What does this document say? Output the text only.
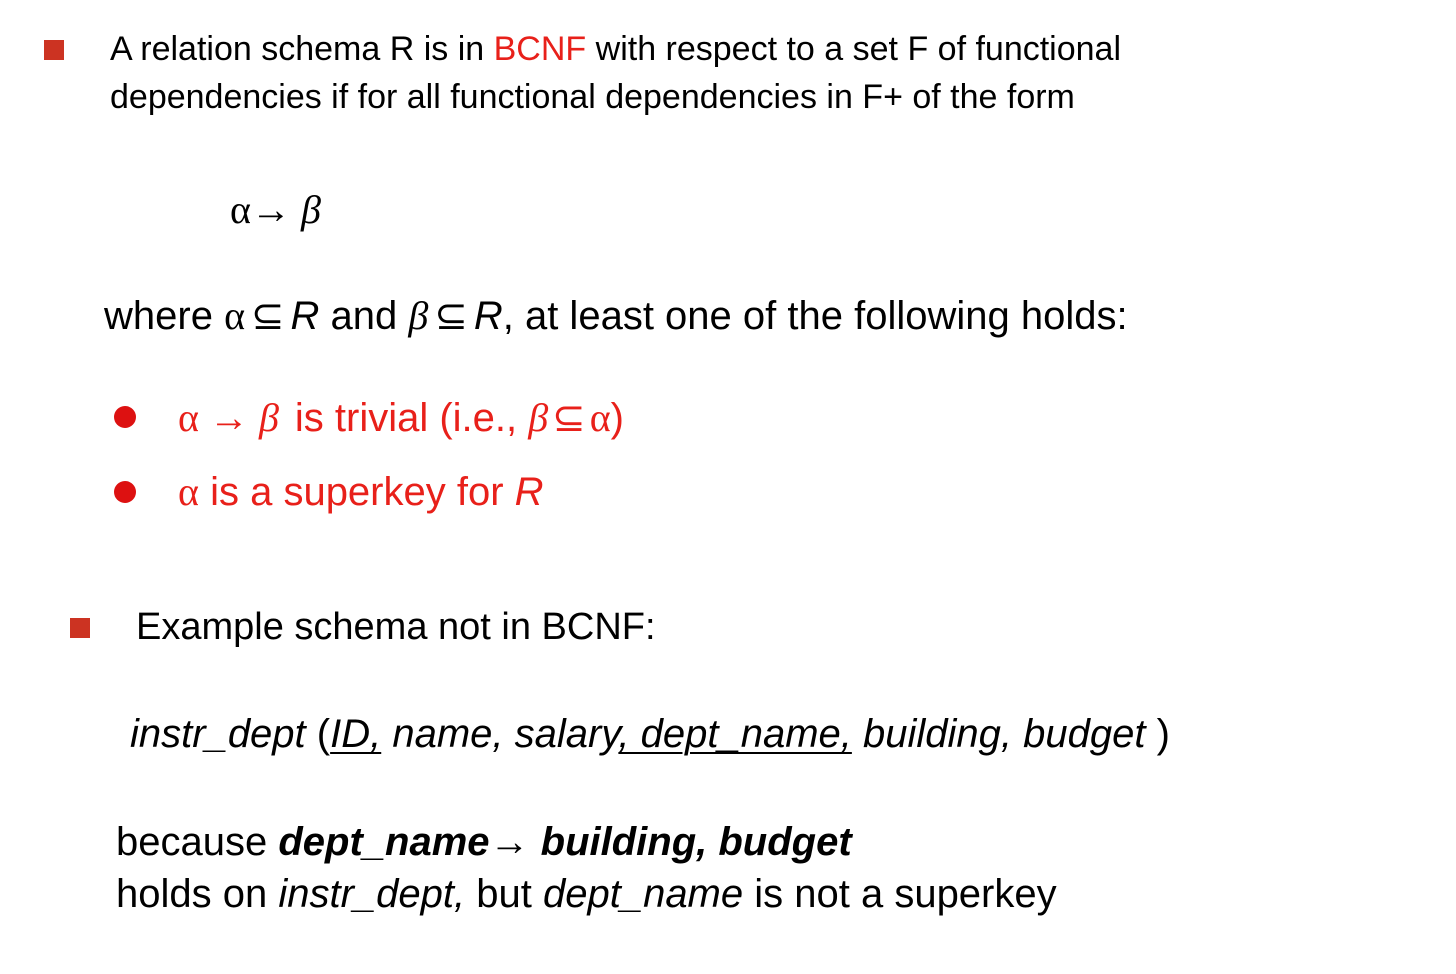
A relation schema R is in BCNF with respect to a set F of functional
dependencies if for all functional dependencies in F+ of the form
α→ β
where α ⊆ R and β ⊆ R, at least one of the following holds:
α → β is trivial (i.e., β ⊆ α)
α is a superkey for R
Example schema not in BCNF:
instr_dept (ID, name, salary, dept_name, building, budget )
because dept_name→ building, budget
holds on instr_dept, but dept_name is not a superkey
